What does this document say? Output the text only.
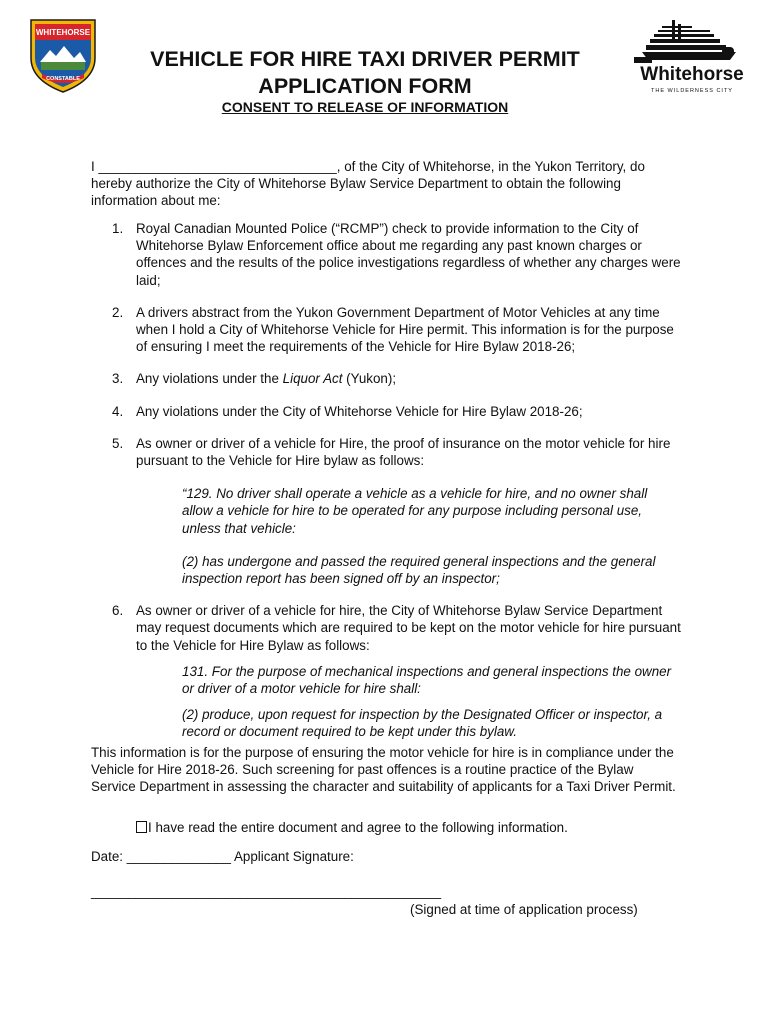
WHITEHORSE
CONSTABLE	Whitehorse
THE WILDERNESS CITY
VEHICLE FOR HIRE TAXI DRIVER PERMIT
APPLICATION FORM
CONSENT TO RELEASE OF INFORMATION

I ________________________________, of the City of Whitehorse, in the Yukon Territory, do hereby authorize the City of Whitehorse Bylaw Service Department to obtain the following information about me:

1. Royal Canadian Mounted Police (“RCMP”) check to provide information to the City of Whitehorse Bylaw Enforcement office about me regarding any past known charges or offences and the results of the police investigations regardless of whether any charges were laid;
2. A drivers abstract from the Yukon Government Department of Motor Vehicles at any time when I hold a City of Whitehorse Vehicle for Hire permit. This information is for the purpose of ensuring I meet the requirements of the Vehicle for Hire Bylaw 2018-26;
3. Any violations under the Liquor Act (Yukon);
4. Any violations under the City of Whitehorse Vehicle for Hire Bylaw 2018-26;
5. As owner or driver of a vehicle for Hire, the proof of insurance on the motor vehicle for hire pursuant to the Vehicle for Hire bylaw as follows:
“129. No driver shall operate a vehicle as a vehicle for hire, and no owner shall allow a vehicle for hire to be operated for any purpose including personal use, unless that vehicle:
(2) has undergone and passed the required general inspections and the general inspection report has been signed off by an inspector;
6. As owner or driver of a vehicle for hire, the City of Whitehorse Bylaw Service Department may request documents which are required to be kept on the motor vehicle for hire pursuant to the Vehicle for Hire Bylaw as follows:
131. For the purpose of mechanical inspections and general inspections the owner or driver of a motor vehicle for hire shall:
(2) produce, upon request for inspection by the Designated Officer or inspector, a record or document required to be kept under this bylaw.

This information is for the purpose of ensuring the motor vehicle for hire is in compliance under the Vehicle for Hire 2018-26. Such screening for past offences is a routine practice of the Bylaw Service Department in assessing the character and suitability of applicants for a Taxi Driver Permit.

I have read the entire document and agree to the following information.
Date: ______________ Applicant Signature:
_______________________________________________
(Signed at time of application process)
